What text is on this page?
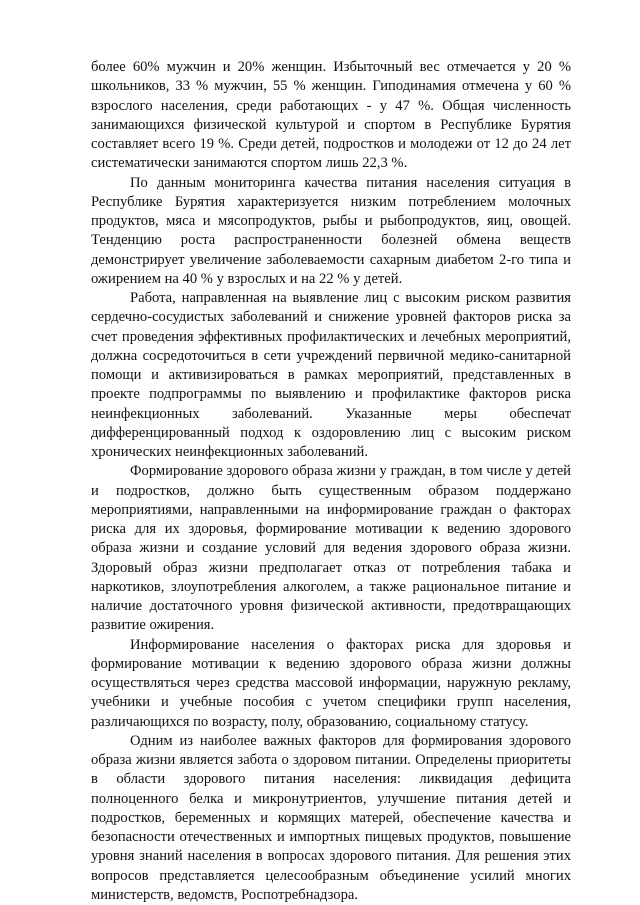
более 60% мужчин и 20% женщин. Избыточный вес отмечается у 20 % школьников, 33 % мужчин, 55 % женщин. Гиподинамия отмечена у 60 % взрослого населения, среди работающих - у 47 %. Общая численность занимающихся физической культурой и спортом в Республике Бурятия составляет всего 19 %. Среди детей, подростков и молодежи от 12 до 24 лет систематически занимаются спортом лишь 22,3 %.

По данным мониторинга качества питания населения ситуация в Республике Бурятия характеризуется низким потреблением молочных продуктов, мяса и мясопродуктов, рыбы и рыбопродуктов, яиц, овощей. Тенденцию роста распространенности болезней обмена веществ демонстрирует увеличение заболеваемости сахарным диабетом 2-го типа и ожирением на 40 % у взрослых и на 22 % у детей.

Работа, направленная на выявление лиц с высоким риском развития сердечно-сосудистых заболеваний и снижение уровней факторов риска за счет проведения эффективных профилактических и лечебных мероприятий, должна сосредоточиться в сети учреждений первичной медико-санитарной помощи и активизироваться в рамках мероприятий, представленных в проекте подпрограммы по выявлению и профилактике факторов риска неинфекционных заболеваний. Указанные меры обеспечат дифференцированный подход к оздоровлению лиц с высоким риском хронических неинфекционных заболеваний.

Формирование здорового образа жизни у граждан, в том числе у детей и подростков, должно быть существенным образом поддержано мероприятиями, направленными на информирование граждан о факторах риска для их здоровья, формирование мотивации к ведению здорового образа жизни и создание условий для ведения здорового образа жизни. Здоровый образ жизни предполагает отказ от потребления табака и наркотиков, злоупотребления алкоголем, а также рациональное питание и наличие достаточного уровня физической активности, предотвращающих развитие ожирения.

Информирование населения о факторах риска для здоровья и формирование мотивации к ведению здорового образа жизни должны осуществляться через средства массовой информации, наружную рекламу, учебники и учебные пособия с учетом специфики групп населения, различающихся по возрасту, полу, образованию, социальному статусу.

Одним из наиболее важных факторов для формирования здорового образа жизни является забота о здоровом питании. Определены приоритеты в области здорового питания населения: ликвидация дефицита полноценного белка и микронутриентов, улучшение питания детей и подростков, беременных и кормящих матерей, обеспечение качества и безопасности отечественных и импортных пищевых продуктов, повышение уровня знаний населения в вопросах здорового питания. Для решения этих вопросов представляется целесообразным объединение усилий многих министерств, ведомств, Роспотребнадзора.
